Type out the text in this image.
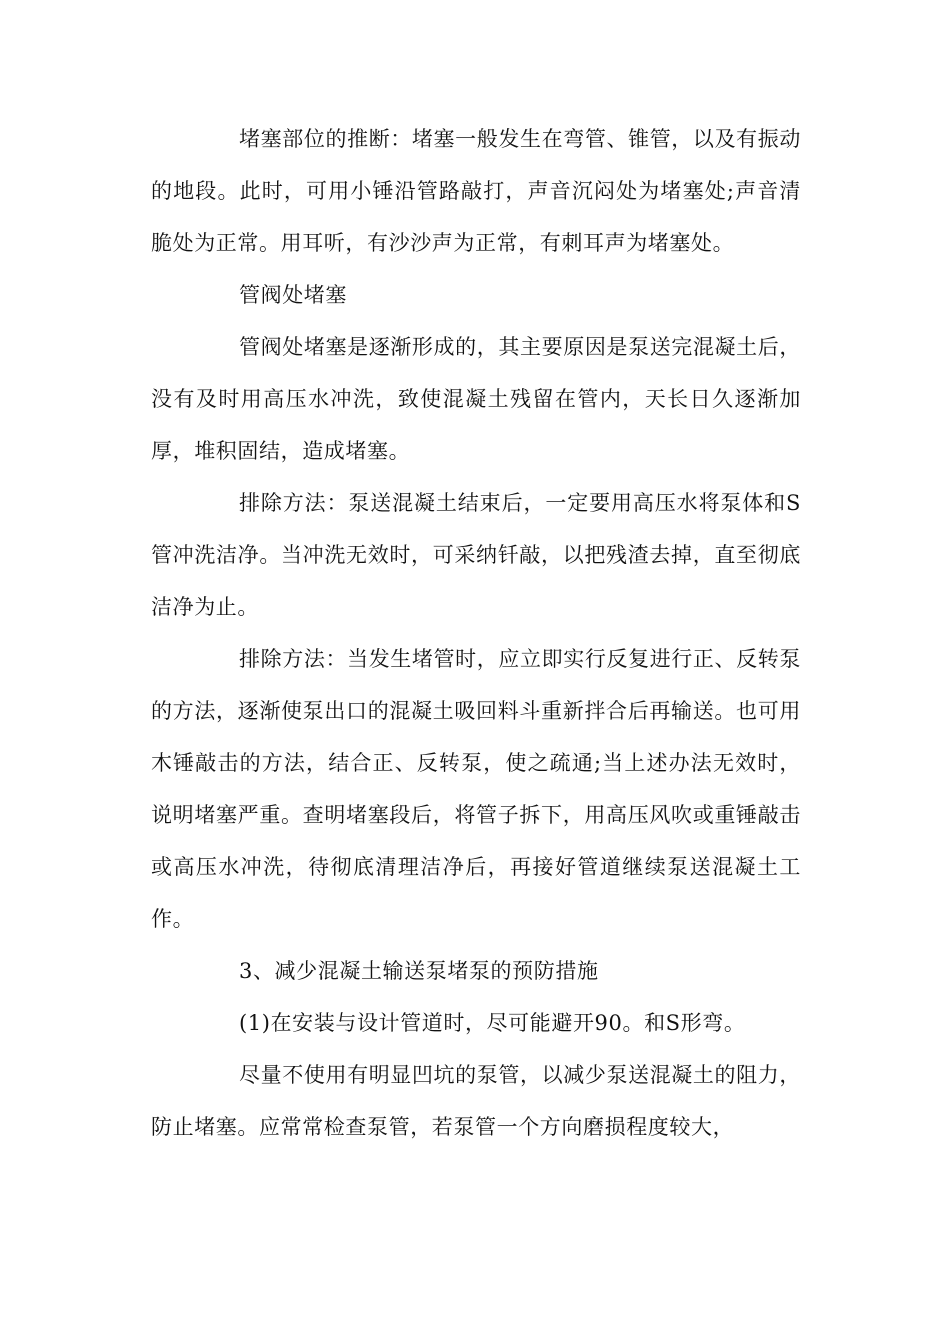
堵塞部位的推断：堵塞一般发生在弯管、锥管，以及有振动的地段。此时，可用小锤沿管路敲打，声音沉闷处为堵塞处;声音清脆处为正常。用耳听，有沙沙声为正常，有刺耳声为堵塞处。

管阀处堵塞

管阀处堵塞是逐渐形成的，其主要原因是泵送完混凝土后，没有及时用高压水冲洗，致使混凝土残留在管内，天长日久逐渐加厚，堆积固结，造成堵塞。

排除方法：泵送混凝土结束后，一定要用高压水将泵体和S管冲洗洁净。当冲洗无效时，可采纳钎敲，以把残渣去掉，直至彻底洁净为止。

排除方法：当发生堵管时，应立即实行反复进行正、反转泵的方法，逐渐使泵出口的混凝土吸回料斗重新拌合后再输送。也可用木锤敲击的方法，结合正、反转泵，使之疏通;当上述办法无效时，说明堵塞严重。查明堵塞段后，将管子拆下，用高压风吹或重锤敲击或高压水冲洗，待彻底清理洁净后，再接好管道继续泵送混凝土工作。

3、减少混凝土输送泵堵泵的预防措施

(1)在安装与设计管道时，尽可能避开90。和S形弯。

尽量不使用有明显凹坑的泵管，以减少泵送混凝土的阻力，防止堵塞。应常常检查泵管，若泵管一个方向磨损程度较大，
